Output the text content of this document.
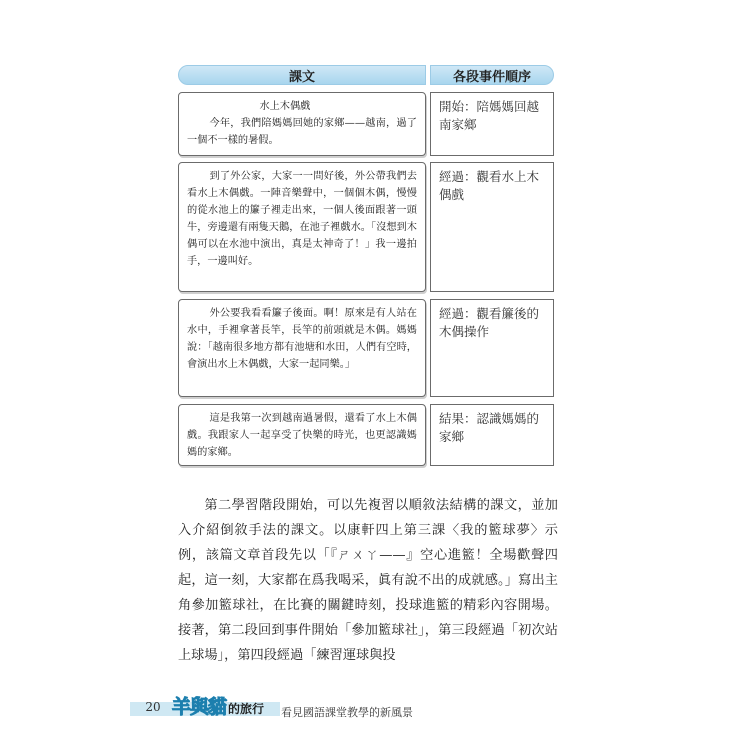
課文	各段事件順序

水上木偶戲

今年，我們陪媽媽回她的家鄉——越南，過了一個不一樣的暑假。

開始：陪媽媽回越南家鄉

到了外公家，大家一一問好後，外公帶我們去看水上木偶戲。一陣音樂聲中，一個個木偶，慢慢的從水池上的簾子裡走出來，一個人後面跟著一頭牛，旁邊還有兩隻天鵝，在池子裡戲水。「沒想到木偶可以在水池中演出，真是太神奇了！」我一邊拍手，一邊叫好。

經過：觀看水上木偶戲

外公要我看看簾子後面。啊！原來是有人站在水中，手裡拿著長竿，長竿的前頭就是木偶。媽媽說：「越南很多地方都有池塘和水田，人們有空時，會演出水上木偶戲，大家一起同樂。」

經過：觀看簾後的木偶操作

這是我第一次到越南過暑假，還看了水上木偶戲。我跟家人一起享受了快樂的時光，也更認識媽媽的家鄉。

結果：認識媽媽的家鄉

第二學習階段開始，可以先複習以順敘法結構的課文，並加入介紹倒敘手法的課文。以康軒四上第三課〈我的籃球夢〉示例，該篇文章首段先以「『ㄕㄨㄚ——』空心進籃！全場歡聲四起，這一刻，大家都在爲我喝采，眞有說不出的成就感。」寫出主角參加籃球社，在比賽的關鍵時刻，投球進籃的精彩內容開場。接著，第二段回到事件開始「參加籃球社」，第三段經過「初次站上球場」，第四段經過「練習運球與投

20 羊與貓 的旅行 看見國語課堂教學的新風景
